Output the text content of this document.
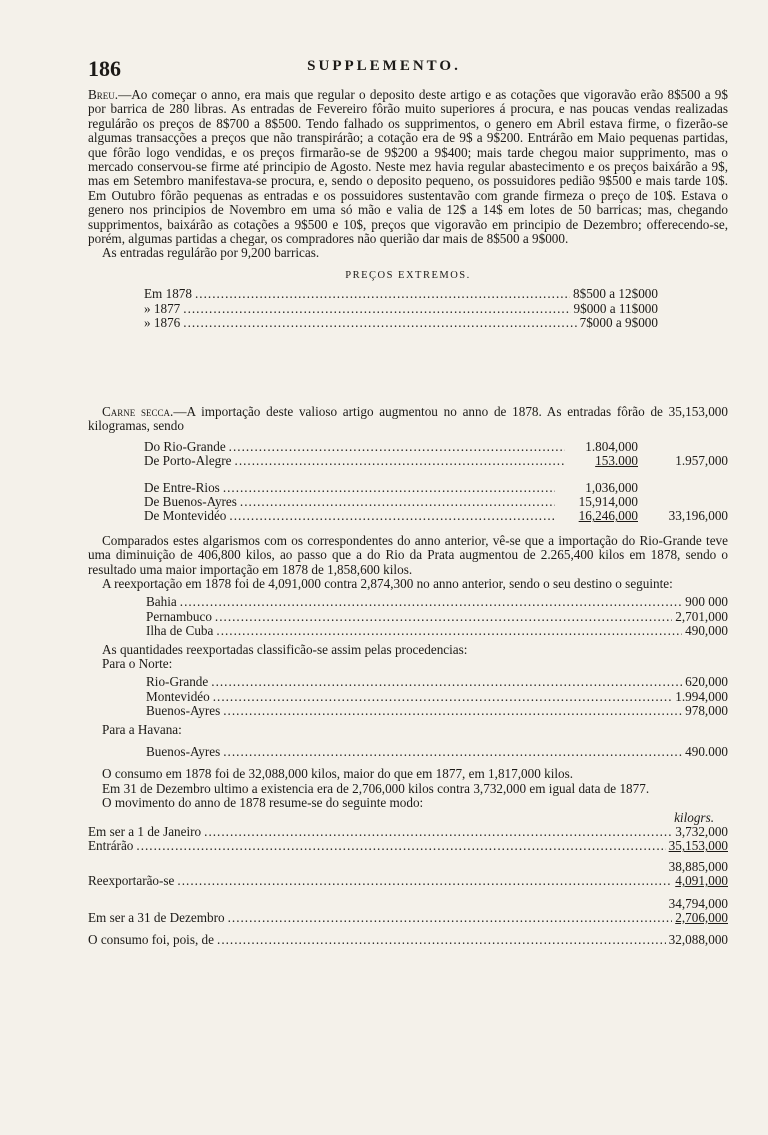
186	SUPPLEMENTO.

Breu.—Ao começar o anno, era mais que regular o deposito deste artigo e as cotações que vigoravão erão 8$500 a 9$ por barrica de 280 libras. As entradas de Fevereiro fôrão muito superiores á procura, e nas poucas vendas realizadas regulárão os preços de 8$700 a 8$500. Tendo falhado os supprimentos, o genero em Abril estava firme, o fizerão-se algumas transacções a preços que não transpirárão; a cotação era de 9$ a 9$200. Entrárão em Maio pequenas partidas, que fôrão logo vendidas, e os preços firmarão-se de 9$200 a 9$400; mais tarde chegou maior supprimento, mas o mercado conservou-se firme até principio de Agosto. Neste mez havia regular abastecimento e os preços baixárão a 9$, mas em Setembro manifestava-se procura, e, sendo o deposito pequeno, os possuidores pedião 9$500 e mais tarde 10$. Em Outubro fôrão pequenas as entradas e os possuidores sustentavão com grande firmeza o preço de 10$. Estava o genero nos principios de Novembro em uma só mão e valia de 12$ a 14$ em lotes de 50 barricas; mas, chegando supprimentos, baixárão as cotações a 9$500 e 10$, preços que vigoravão em principio de Dezembro; offerecendo-se, porém, algumas partidas a chegar, os compradores não querião dar mais de 8$500 a 9$000.

As entradas regulárão por 9,200 barricas.

PREÇOS EXTREMOS.
Em 1878 .....	8$500 a 12$000
» 1877 .....	9$000 a 11$000
» 1876 .....	7$000 a 9$000

Carne secca.—A importação deste valioso artigo augmentou no anno de 1878. As entradas fôrão de 35,153,000 kilogramas, sendo

Do Rio-Grande .....	1.804,000
De Porto-Alegre .....	153.000	1.957,000
De Entre-Rios .....	1,036,000
De Buenos-Ayres .....	15,914,000
De Montevidéo .....	16,246,000	33,196,000

Comparados estes algarismos com os correspondentes do anno anterior, vê-se que a importação do Rio-Grande teve uma diminuição de 406,800 kilos, ao passo que a do Rio da Prata augmentou de 2.265,400 kilos em 1878, sendo o resultado uma maior importação em 1878 de 1,858,600 kilos.

A reexportação em 1878 foi de 4,091,000 contra 2,874,300 no anno anterior, sendo o seu destino o seguinte:

Bahia .....	900 000
Pernambuco .....	2,701,000
Ilha de Cuba .....	490,000

As quantidades reexportadas classificão-se assim pelas procedencias:

Para o Norte:

Rio-Grande .....	620,000
Montevidéo .....	1.994,000
Buenos-Ayres .....	978,000

Para a Havana:

Buenos-Ayres .....	490.000

O consumo em 1878 foi de 32,088,000 kilos, maior do que em 1877, em 1,817,000 kilos.

Em 31 de Dezembro ultimo a existencia era de 2,706,000 kilos contra 3,732,000 em igual data de 1877.

O movimento do anno de 1878 resume-se do seguinte modo:

kilogrs.
Em ser a 1 de Janeiro .....	3,732,000
Entrárão .....	35,153,000
38,885,000
Reexportarão-se .....	4,091,000
34,794,000
Em ser a 31 de Dezembro .....	2,706,000
O consumo foi, pois, de .....	32,088,000
